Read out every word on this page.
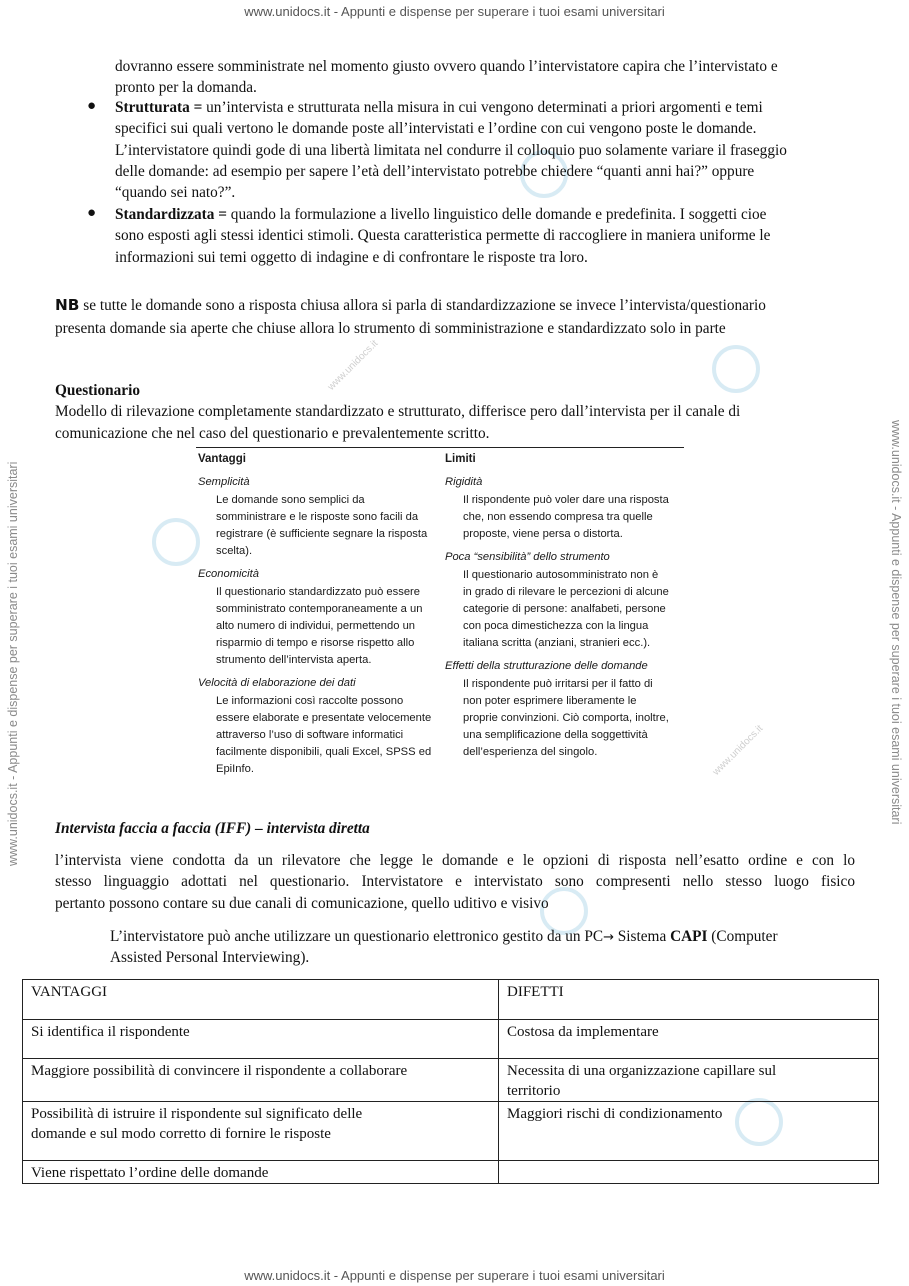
www.unidocs.it - Appunti e dispense per superare i tuoi esami universitari
www.unidocs.it - Appunti e dispense per superare i tuoi esami universitari
www.unidocs.it - Appunti e dispense per superare i tuoi esami universitari	www.unidocs.it - Appunti e dispense per superare i tuoi esami universitari
www.unidocs.it
www.unidocs.it
dovranno essere somministrate nel momento giusto ovvero quando l’intervistatore capira che l’intervistato e
pronto per la domanda.
● Strutturata = un’intervista e strutturata nella misura in cui vengono determinati a priori argomenti e temi
specifici sui quali vertono le domande poste all’intervistati e l’ordine con cui vengono poste le domande.
L’intervistatore quindi gode di una libertà limitata nel condurre il colloquio puo solamente variare il fraseggio
delle domande: ad esempio per sapere l’età dell’intervistato potrebbe chiedere “quanti anni hai?” oppure
“quando sei nato?”.
● Standardizzata = quando la formulazione a livello linguistico delle domande e predefinita. I soggetti cioe
sono esposti agli stessi identici stimoli. Questa caratteristica permette di raccogliere in maniera uniforme le
informazioni sui temi oggetto di indagine e di confrontare le risposte tra loro.
NB se tutte le domande sono a risposta chiusa allora si parla di standardizzazione se invece l’intervista/questionario
presenta domande sia aperte che chiuse allora lo strumento di somministrazione e standardizzato solo in parte
Questionario
Modello di rilevazione completamente standardizzato e strutturato, differisce pero dall’intervista per il canale di
comunicazione che nel caso del questionario e prevalentemente scritto.
Vantaggi
Semplicità
Le domande sono semplici da
somministrare e le risposte sono facili da
registrare (è sufficiente segnare la risposta
scelta).
Economicità
Il questionario standardizzato può essere
somministrato contemporaneamente a un
alto numero di individui, permettendo un
risparmio di tempo e risorse rispetto allo
strumento dell’intervista aperta.
Velocità di elaborazione dei dati
Le informazioni così raccolte possono
essere elaborate e presentate velocemente
attraverso l’uso di software informatici
facilmente disponibili, quali Excel, SPSS ed
EpiInfo.
Limiti
Rigidità
Il rispondente può voler dare una risposta
che, non essendo compresa tra quelle
proposte, viene persa o distorta.
Poca “sensibilità” dello strumento
Il questionario autosomministrato non è
in grado di rilevare le percezioni di alcune
categorie di persone: analfabeti, persone
con poca dimestichezza con la lingua
italiana scritta (anziani, stranieri ecc.).
Effetti della strutturazione delle domande
Il rispondente può irritarsi per il fatto di
non poter esprimere liberamente le
proprie convinzioni. Ciò comporta, inoltre,
una semplificazione della soggettività
dell’esperienza del singolo.
Intervista faccia a faccia (IFF) – intervista diretta
l’intervista viene condotta da un rilevatore che legge le domande e le opzioni di risposta nell’esatto ordine e con lo
stesso linguaggio adottati nel questionario. Intervistatore e intervistato sono compresenti nello stesso luogo fisico
pertanto possono contare su due canali di comunicazione, quello uditivo e visivo
L’intervistatore può anche utilizzare un questionario elettronico gestito da un PC→ Sistema CAPI (Computer
Assisted Personal Interviewing).
VANTAGGI	DIFETTI
Si identifica il rispondente	Costosa da implementare
Maggiore possibilità di convincere il rispondente a collaborare	Necessita di una organizzazione capillare sul territorio
Possibilità di istruire il rispondente sul significato delle domande e sul modo corretto di fornire le risposte	Maggiori rischi di condizionamento
Viene rispettato l’ordine delle domande	
